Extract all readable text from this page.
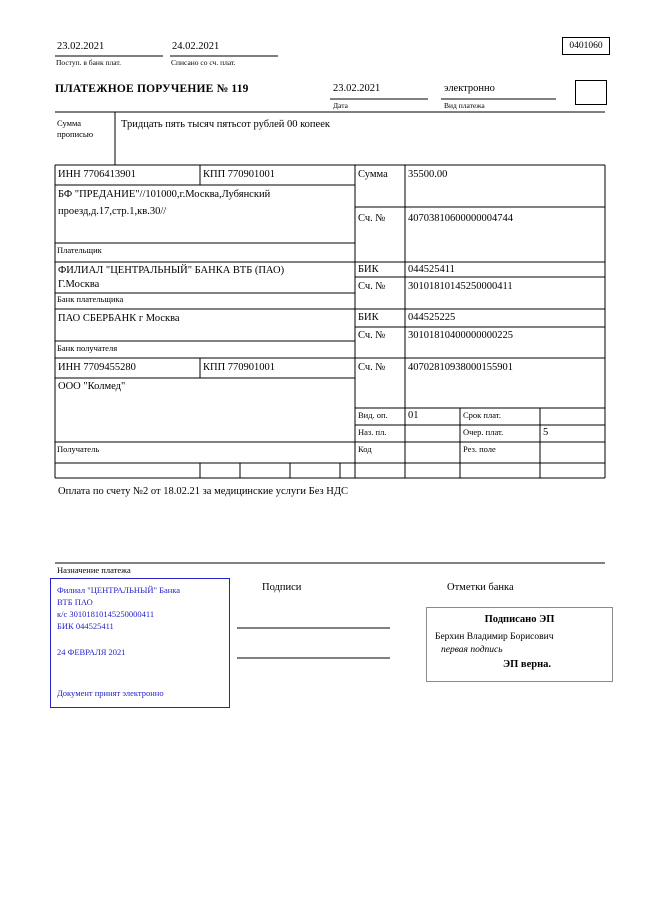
23.02.2021
Поступ. в банк плат.
24.02.2021
Списано со сч. плат.
0401060
ПЛАТЕЖНОЕ ПОРУЧЕНИЕ № 119	23.02.2021
Дата
электронно
Вид платежа
Сумма
прописью
Тридцать пять тысяч пятьсот рублей 00 копеек
ИНН 7706413901	КПП 770901001	Сумма 35500.00
БФ "ПРЕДАНИЕ"//101000,г.Москва,Лубянский
проезд,д.17,стр.1,кв.30//
Сч. № 40703810600000004744
Плательщик
ФИЛИАЛ "ЦЕНТРАЛЬНЫЙ" БАНКА ВТБ (ПАО)
Г.Москва
БИК	044525411
Сч. № 30101810145250000411
Банк плательщика
ПАО СБЕРБАНК г Москва	БИК	044525225
Сч. № 30101810400000000225
Банк получателя
ИНН 7709455280	КПП 770901001	Сч. № 40702810938000155901
ООО "Колмед"
Вид. оп. 01	Срок плат.
Наз. пл.	Очер. плат.	5
Получатель	Код	Рез. поле
Оплата по счету №2 от 18.02.21 за медицинские услуги Без НДС
Назначение платежа
Подписи	Отметки банка
Филиал "ЦЕНТРАЛЬНЫЙ" Банка
ВТБ ПАО
к/с 30101810145250000411
БИК 044525411
24 ФЕВРАЛЯ 2021
Документ принят электронно
Подписано ЭП
Берхин Владимир Борисович
первая подпись
ЭП верна.
